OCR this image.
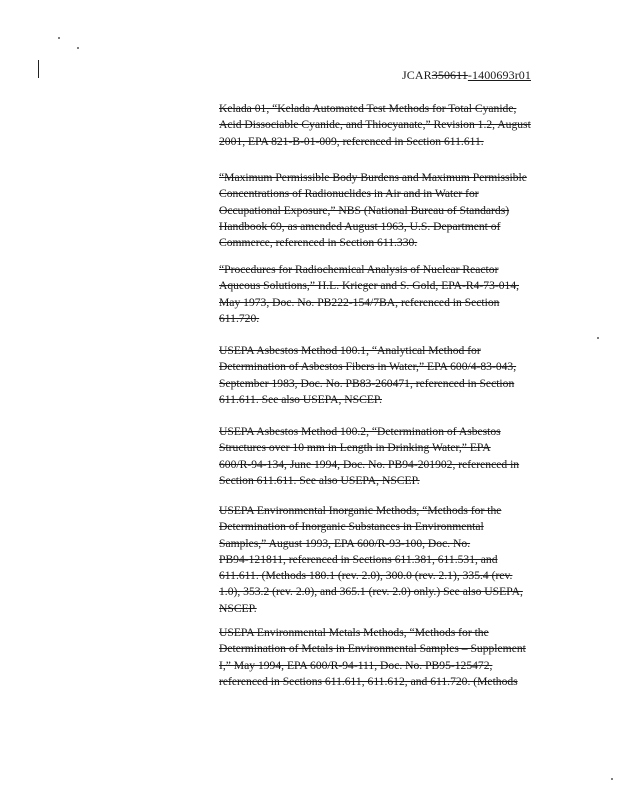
JCAR350611-1400693r01
Kelada 01, “Kelada Automated Test Methods for Total Cyanide,
Acid Dissociable Cyanide, and Thiocyanate,” Revision 1.2, August
2001, EPA 821-B-01-009, referenced in Section 611.611.
“Maximum Permissible Body Burdens and Maximum Permissible
Concentrations of Radionuclides in Air and in Water for
Occupational Exposure,” NBS (National Bureau of Standards)
Handbook 69, as amended August 1963, U.S. Department of
Commerce, referenced in Section 611.330.
“Procedures for Radiochemical Analysis of Nuclear Reactor
Aqueous Solutions,” H.L. Krieger and S. Gold, EPA-R4-73-014,
May 1973, Doc. No. PB222-154/7BA, referenced in Section
611.720.
USEPA Asbestos Method 100.1, “Analytical Method for
Determination of Asbestos Fibers in Water,” EPA 600/4-83-043,
September 1983, Doc. No. PB83-260471, referenced in Section
611.611. See also USEPA, NSCEP.
USEPA Asbestos Method 100.2, “Determination of Asbestos
Structures over 10 mm in Length in Drinking Water,” EPA
600/R-94-134, June 1994, Doc. No. PB94-201902, referenced in
Section 611.611. See also USEPA, NSCEP.
USEPA Environmental Inorganic Methods, “Methods for the
Determination of Inorganic Substances in Environmental
Samples,” August 1993, EPA 600/R-93-100, Doc. No.
PB94-121811, referenced in Sections 611.381, 611.531, and
611.611. (Methods 180.1 (rev. 2.0), 300.0 (rev. 2.1), 335.4 (rev.
1.0), 353.2 (rev. 2.0), and 365.1 (rev. 2.0) only.) See also USEPA,
NSCEP.
USEPA Environmental Metals Methods, “Methods for the
Determination of Metals in Environmental Samples – Supplement
I,” May 1994, EPA 600/R-94-111, Doc. No. PB95-125472,
referenced in Sections 611.611, 611.612, and 611.720. (Methods
